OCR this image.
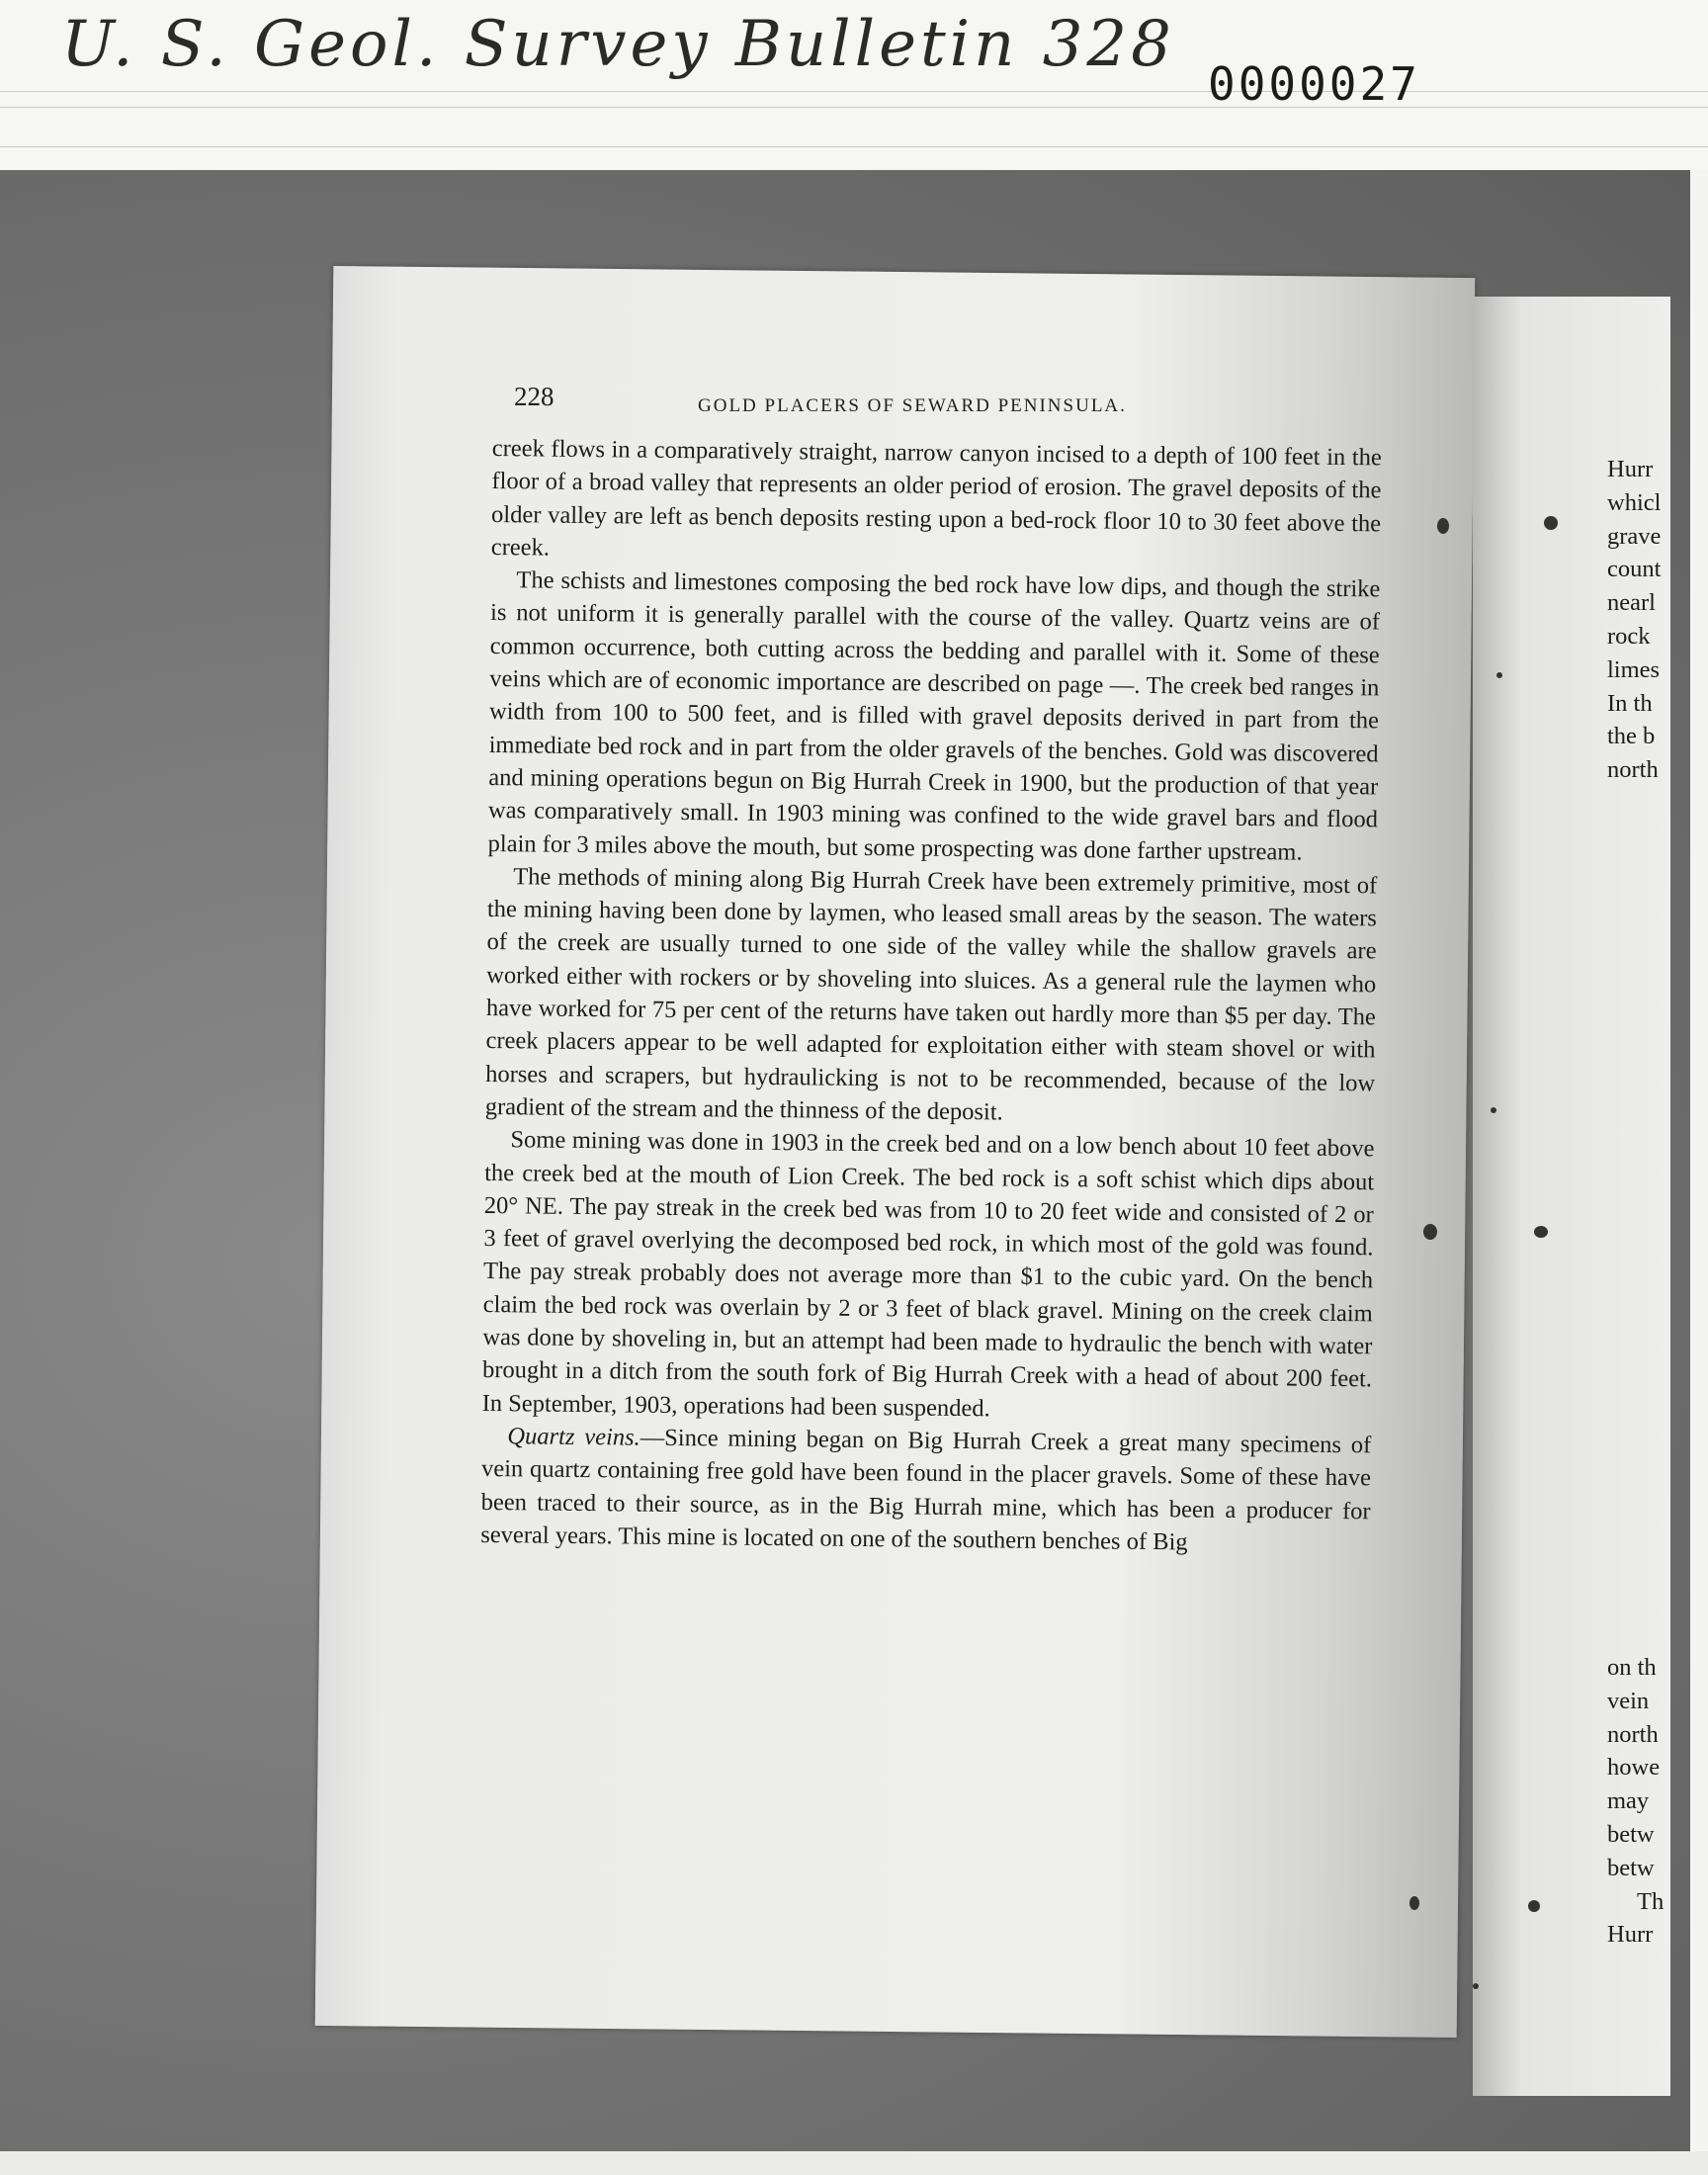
U. S. Geol. Survey Bulletin 328
0000027
228	GOLD PLACERS OF SEWARD PENINSULA.

creek flows in a comparatively straight, narrow canyon incised to a depth of 100 feet in the floor of a broad valley that represents an older period of erosion. The gravel deposits of the older valley are left as bench deposits resting upon a bed-rock floor 10 to 30 feet above the creek.

The schists and limestones composing the bed rock have low dips, and though the strike is not uniform it is generally parallel with the course of the valley. Quartz veins are of common occurrence, both cutting across the bedding and parallel with it. Some of these veins which are of economic importance are described on page —. The creek bed ranges in width from 100 to 500 feet, and is filled with gravel deposits derived in part from the immediate bed rock and in part from the older gravels of the benches. Gold was discovered and mining operations begun on Big Hurrah Creek in 1900, but the production of that year was comparatively small. In 1903 mining was confined to the wide gravel bars and flood plain for 3 miles above the mouth, but some prospecting was done farther upstream.

The methods of mining along Big Hurrah Creek have been extremely primitive, most of the mining having been done by laymen, who leased small areas by the season. The waters of the creek are usually turned to one side of the valley while the shallow gravels are worked either with rockers or by shoveling into sluices. As a general rule the laymen who have worked for 75 per cent of the returns have taken out hardly more than $5 per day. The creek placers appear to be well adapted for exploitation either with steam shovel or with horses and scrapers, but hydraulicking is not to be recommended, because of the low gradient of the stream and the thinness of the deposit.

Some mining was done in 1903 in the creek bed and on a low bench about 10 feet above the creek bed at the mouth of Lion Creek. The bed rock is a soft schist which dips about 20° NE. The pay streak in the creek bed was from 10 to 20 feet wide and consisted of 2 or 3 feet of gravel overlying the decomposed bed rock, in which most of the gold was found. The pay streak probably does not average more than $1 to the cubic yard. On the bench claim the bed rock was overlain by 2 or 3 feet of black gravel. Mining on the creek claim was done by shoveling in, but an attempt had been made to hydraulic the bench with water brought in a ditch from the south fork of Big Hurrah Creek with a head of about 200 feet. In September, 1903, operations had been suspended.

Quartz veins.—Since mining began on Big Hurrah Creek a great many specimens of vein quartz containing free gold have been found in the placer gravels. Some of these have been traced to their source, as in the Big Hurrah mine, which has been a producer for several years. This mine is located on one of the southern benches of Big

Hurr
whicl
grave
count
nearl
rock
limes
In th
the b
north
on th
vein
north
howe
may
betw
betw
Th
Hurr
